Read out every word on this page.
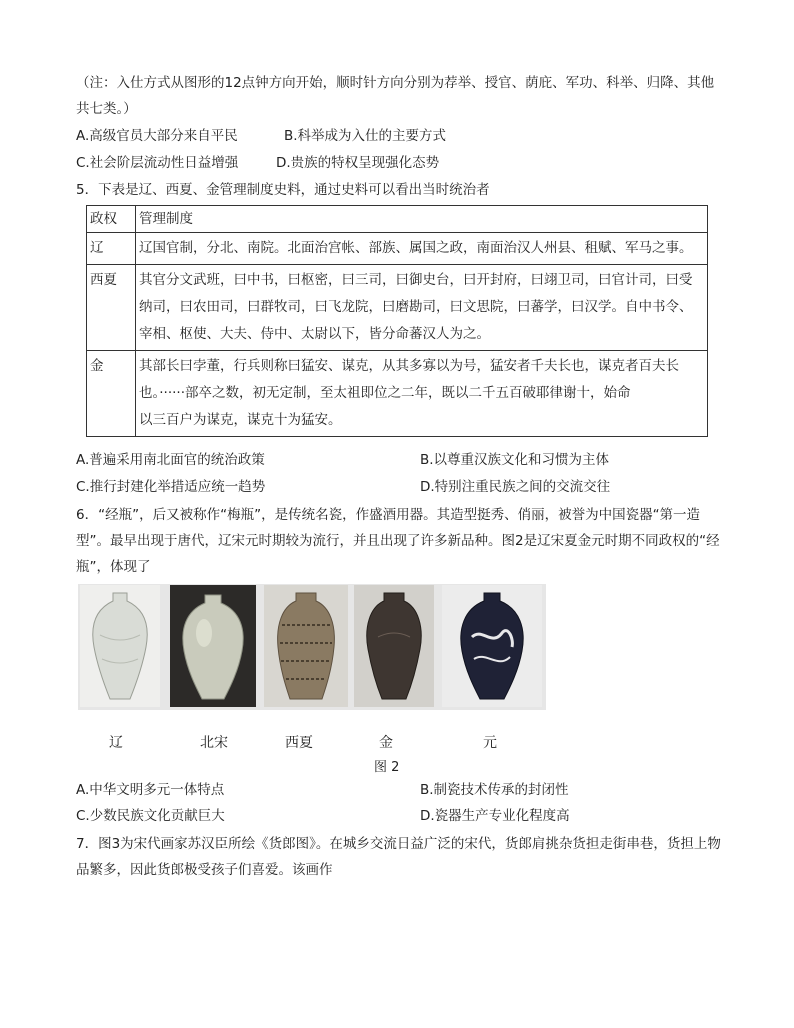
（注：入仕方式从图形的12点钟方向开始，顺时针方向分别为荐举、授官、荫庇、军功、科举、归降、其他
共七类。）
A.高级官员大部分来自平民	B.科举成为入仕的主要方式
C.社会阶层流动性日益增强	D.贵族的特权呈现强化态势
5．下表是辽、西夏、金管理制度史料，通过史料可以看出当时统治者
政权	管理制度
辽	辽国官制，分北、南院。北面治宫帐、部族、属国之政，南面治汉人州县、租赋、军马之事。

西夏	其官分文武班，曰中书，曰枢密，曰三司，曰御史台，曰开封府，曰翊卫司，曰官计司，曰受
纳司，曰农田司，曰群牧司，曰飞龙院，曰磨勘司，曰文思院，曰蕃学，曰汉学。自中书令、
宰相、枢使、大夫、侍中、太尉以下，皆分命蕃汉人为之。

金	其部长曰孛董，行兵则称曰猛安、谋克，从其多寡以为号，猛安者千夫长也，谋克者百夫长
也。······部卒之数，初无定制，至太祖即位之二年，既以二千五百破耶律谢十，始命
以三百户为谋克，谋克十为猛安。
A.普遍采用南北面官的统治政策	B.以尊重汉族文化和习惯为主体
C.推行封建化举措适应统一趋势	D.特别注重民族之间的交流交往
6．“经瓶”，后又被称作“梅瓶”，是传统名瓷，作盛酒用器。其造型挺秀、俏丽，被誉为中国瓷器“第一造
型”。最早出现于唐代，辽宋元时期较为流行，并且出现了许多新品种。图2是辽宋夏金元时期不同政权的“经
瓶”，体现了
辽	北宋	西夏	金	元
图 2
A.中华文明多元一体特点	B.制瓷技术传承的封闭性
C.少数民族文化贡献巨大	D.瓷器生产专业化程度高
7．图3为宋代画家苏汉臣所绘《货郎图》。在城乡交流日益广泛的宋代，货郎肩挑杂货担走街串巷，货担上物
品繁多，因此货郎极受孩子们喜爱。该画作
